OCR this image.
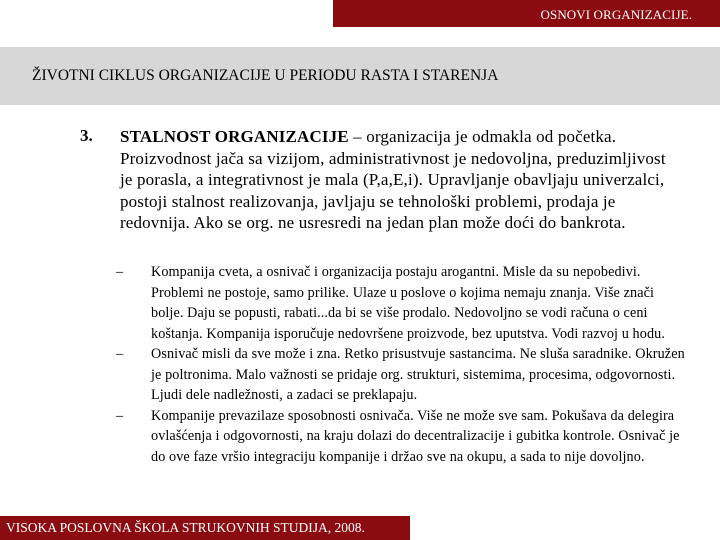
OSNOVI ORGANIZACIJE.
ŽIVOTNI CIKLUS ORGANIZACIJE U PERIODU RASTA I STARENJA
3. STALNOST ORGANIZACIJE – organizacija je odmakla od početka. Proizvodnost jača sa vizijom, administrativnost je nedovoljna, preduzimljivost je porasla, a integrativnost je mala (P,a,E,i). Upravljanje obavljaju univerzalci, postoji stalnost realizovanja, javljaju se tehnološki problemi, prodaja je redovnija. Ako se org. ne usresredi na jedan plan može doći do bankrota.
– Kompanija cveta, a osnivač i organizacija postaju arogantni. Misle da su nepobedivi. Problemi ne postoje, samo prilike. Ulaze u poslove o kojima nemaju znanja. Više znači bolje. Daju se popusti, rabati...da bi se više prodalo. Nedovoljno se vodi računa o ceni koštanja. Kompanija isporučuje nedovršene proizvode, bez uputstva. Vodi razvoj u hodu.
– Osnivač misli da sve može i zna. Retko prisustvuje sastancima. Ne sluša saradnike. Okružen je poltronima. Malo važnosti se pridaje org. strukturi, sistemima, procesima, odgovornosti. Ljudi dele nadležnosti, a zadaci se preklapaju.
– Kompanije prevazilaze sposobnosti osnivača. Više ne može sve sam. Pokušava da delegira ovlašćenja i odgovornosti, na kraju dolazi do decentralizacije i gubitka kontrole. Osnivač je do ove faze vršio integraciju kompanije i držao sve na okupu, a sada to nije dovoljno.
VISOKA POSLOVNA ŠKOLA STRUKOVNIH STUDIJA, 2008.
